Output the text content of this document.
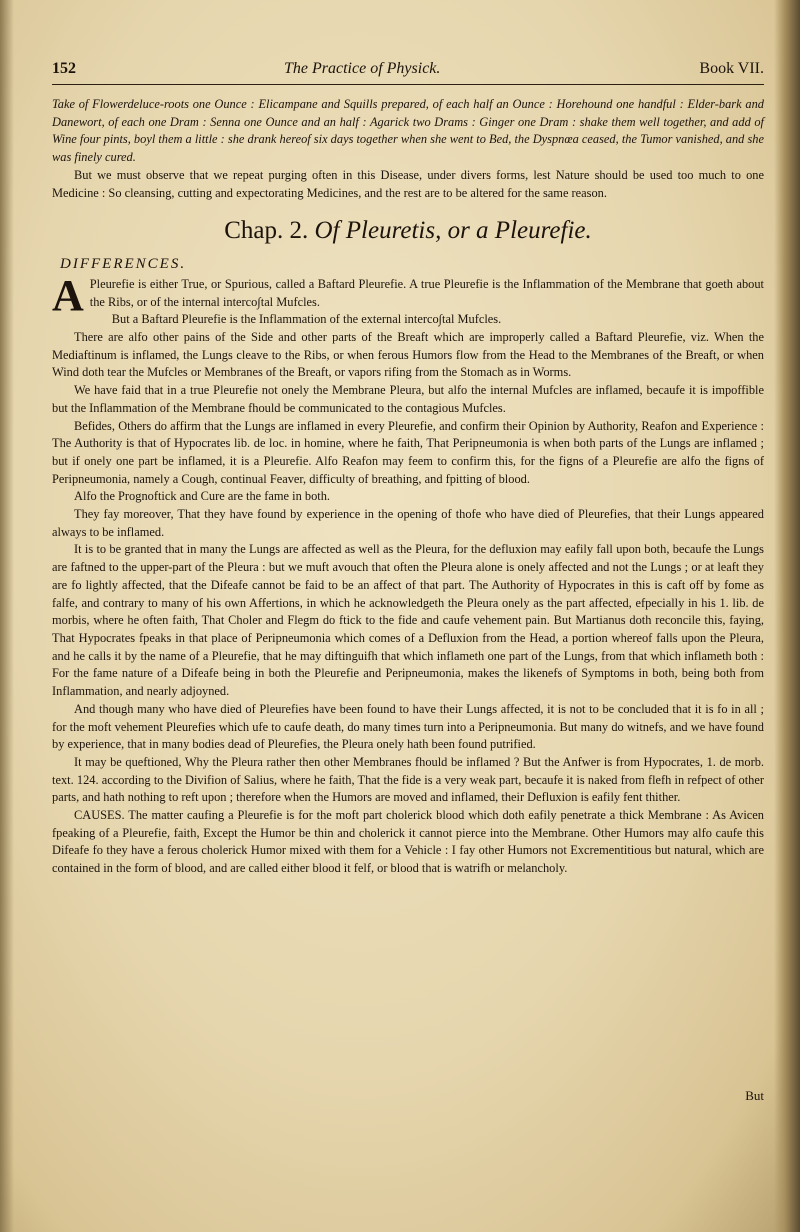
152	The Practice of Physick.	Book VII.

Take of Flowerdeluce-roots one Ounce : Elicampane and Squills prepared, of each half an Ounce : Horehound one handful : Elder-bark and Danewort, of each one Dram : Senna one Ounce and an half : Agarick two Drams : Ginger one Dram : shake them well together, and add of Wine four pints, boyl them a little : she drank hereof six days together when she went to Bed, the Dyspnœa ceased, the Tumor vanished, and she was finely cured.

But we must observe that we repeat purging often in this Disease, under divers forms, lest Nature should be used too much to one Medicine : So cleansing, cutting and expectorating Medicines, and the rest are to be altered for the same reason.

Chap. 2. Of Pleuretis, or a Pleurefie.
DIFFERENCES.

A Pleurefie is either True, or Spurious, called a Baftard Pleurefie. A true Pleurefie is the Inflammation of the Membrane that goeth about the Ribs, or of the internal interco∫tal Mufcles.

But a Baftard Pleurefie is the Inflammation of the external interco∫tal Mufcles.

There are alfo other pains of the Side and other parts of the Breaft which are improperly called a Baftard Pleurefie, viz. When the Mediaftinum is inflamed, the Lungs cleave to the Ribs, or when ferous Humors flow from the Head to the Membranes of the Breaft, or when Wind doth tear the Mufcles or Membranes of the Breaft, or vapors rifing from the Stomach as in Worms.

We have faid that in a true Pleurefie not onely the Membrane Pleura, but alfo the internal Mufcles are inflamed, becaufe it is impoffible but the Inflammation of the Membrane fhould be communicated to the contagious Mufcles.

Befides, Others do affirm that the Lungs are inflamed in every Pleurefie, and confirm their Opinion by Authority, Reafon and Experience : The Authority is that of Hypocrates lib. de loc. in homine, where he faith, That Peripneumonia is when both parts of the Lungs are inflamed ; but if onely one part be inflamed, it is a Pleurefie. Alfo Reafon may feem to confirm this, for the figns of a Pleurefie are alfo the figns of Peripneumonia, namely a Cough, continual Feaver, difficulty of breathing, and fpitting of blood.

Alfo the Prognoftick and Cure are the fame in both.

They fay moreover, That they have found by experience in the opening of thofe who have died of Pleurefies, that their Lungs appeared always to be inflamed.

It is to be granted that in many the Lungs are affected as well as the Pleura, for the defluxion may eafily fall upon both, becaufe the Lungs are faftned to the upper-part of the Pleura : but we muft avouch that often the Pleura alone is onely affected and not the Lungs ; or at leaft they are fo lightly affected, that the Difeafe cannot be faid to be an affect of that part. The Authority of Hypocrates in this is caft off by fome as falfe, and contrary to many of his own Affertions, in which he acknowledgeth the Pleura onely as the part affected, efpecially in his 1. lib. de morbis, where he often faith, That Choler and Flegm do ftick to the fide and caufe vehement pain. But Martianus doth reconcile this, faying, That Hypocrates fpeaks in that place of Peripneumonia which comes of a Defluxion from the Head, a portion whereof falls upon the Pleura, and he calls it by the name of a Pleurefie, that he may diftinguifh that which inflameth one part of the Lungs, from that which inflameth both : For the fame nature of a Difeafe being in both the Pleurefie and Peripneumonia, makes the likenefs of Symptoms in both, being both from Inflammation, and nearly adjoyned.

And though many who have died of Pleurefies have been found to have their Lungs affected, it is not to be concluded that it is fo in all ; for the moft vehement Pleurefies which ufe to caufe death, do many times turn into a Peripneumonia. But many do witnefs, and we have found by experience, that in many bodies dead of Pleurefies, the Pleura onely hath been found putrified.

It may be queftioned, Why the Pleura rather then other Membranes fhould be inflamed ? But the Anfwer is from Hypocrates, 1. de morb. text. 124. according to the Divifion of Salius, where he faith, That the fide is a very weak part, becaufe it is naked from flefh in refpect of other parts, and hath nothing to reft upon ; therefore when the Humors are moved and inflamed, their Defluxion is eafily fent thither.

CAUSES. The matter caufing a Pleurefie is for the moft part cholerick blood which doth eafily penetrate a thick Membrane : As Avicen fpeaking of a Pleurefie, faith, Except the Humor be thin and cholerick it cannot pierce into the Membrane. Other Humors may alfo caufe this Difeafe fo they have a ferous cholerick Humor mixed with them for a Vehicle : I fay other Humors not Excrementitious but natural, which are contained in the form of blood, and are called either blood it felf, or blood that is watrifh or melancholy.

But
